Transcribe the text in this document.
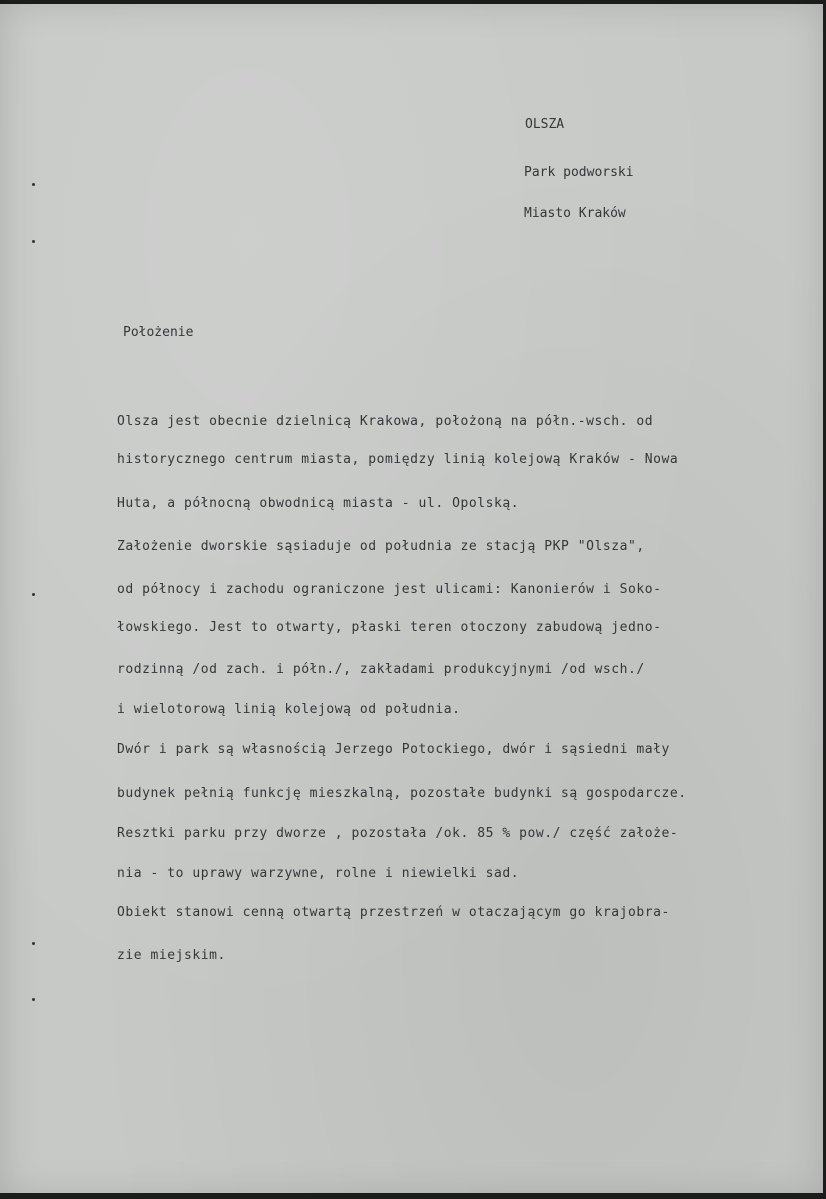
OLSZA
Park podworski
Miasto Kraków
Położenie
Olsza jest obecnie dzielnicą Krakowa, położoną na półn.-wsch. od
historycznego centrum miasta, pomiędzy linią kolejową Kraków - Nowa
Huta, a północną obwodnicą miasta - ul. Opolską.
Założenie dworskie sąsiaduje od południa ze stacją PKP "Olsza",
od północy i zachodu ograniczone jest ulicami: Kanonierów i Soko-
łowskiego. Jest to otwarty, płaski teren otoczony zabudową jedno-
rodzinną /od zach. i półn./, zakładami produkcyjnymi /od wsch./
i wielotorową linią kolejową od południa.
Dwór i park są własnością Jerzego Potockiego, dwór i sąsiedni mały
budynek pełnią funkcję mieszkalną, pozostałe budynki są gospodarcze.
Resztki parku przy dworze , pozostała /ok. 85 % pow./ część założe-
nia - to uprawy warzywne, rolne i niewielki sad.
Obiekt stanowi cenną otwartą przestrzeń w otaczającym go krajobra-
zie miejskim.
